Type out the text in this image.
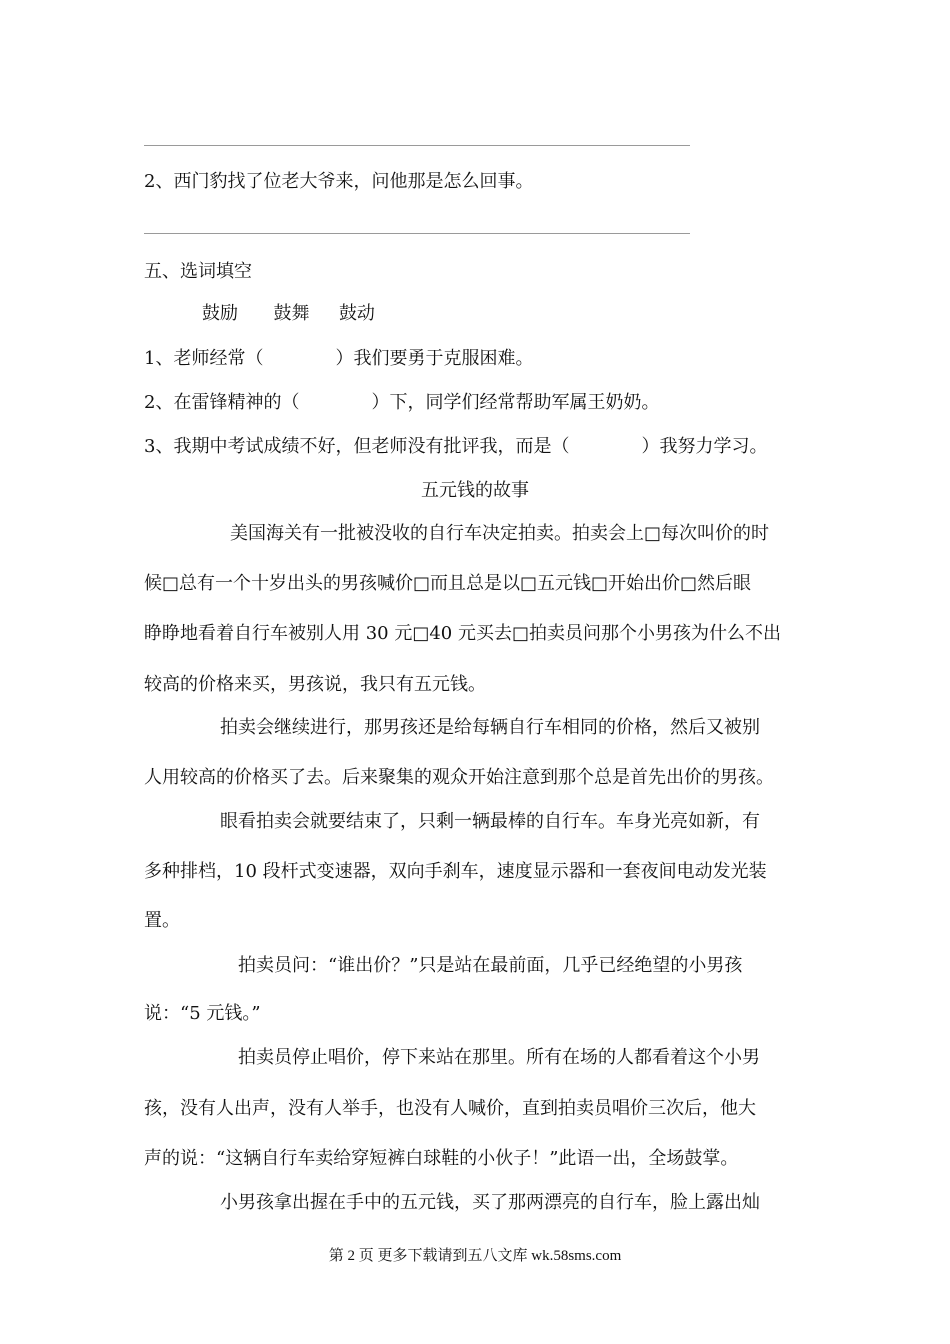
2、西门豹找了位老大爷来，问他那是怎么回事。
五、选词填空
鼓励 鼓舞 鼓动
1、老师经常（	）我们要勇于克服困难。
2、在雷锋精神的（	）下，同学们经常帮助军属王奶奶。
3、我期中考试成绩不好，但老师没有批评我，而是（	）我努力学习。
五元钱的故事
美国海关有一批被没收的自行车决定拍卖。拍卖会上□每次叫价的时
候□总有一个十岁出头的男孩喊价□而且总是以□五元钱□开始出价□然后眼
睁睁地看着自行车被别人用 30 元□40 元买去□拍卖员问那个小男孩为什么不出
较高的价格来买，男孩说，我只有五元钱。
拍卖会继续进行，那男孩还是给每辆自行车相同的价格，然后又被别
人用较高的价格买了去。后来聚集的观众开始注意到那个总是首先出价的男孩。
眼看拍卖会就要结束了，只剩一辆最棒的自行车。车身光亮如新，有
多种排档，10 段杆式变速器，双向手刹车，速度显示器和一套夜间电动发光装
置。
拍卖员问：“谁出价？”只是站在最前面，几乎已经绝望的小男孩
说：“5 元钱。”
拍卖员停止唱价，停下来站在那里。所有在场的人都看着这个小男
孩，没有人出声，没有人举手，也没有人喊价，直到拍卖员唱价三次后，他大
声的说：“这辆自行车卖给穿短裤白球鞋的小伙子！”此语一出，全场鼓掌。
小男孩拿出握在手中的五元钱，买了那两漂亮的自行车，脸上露出灿
第 2 页 更多下载请到五八文库 wk.58sms.com
